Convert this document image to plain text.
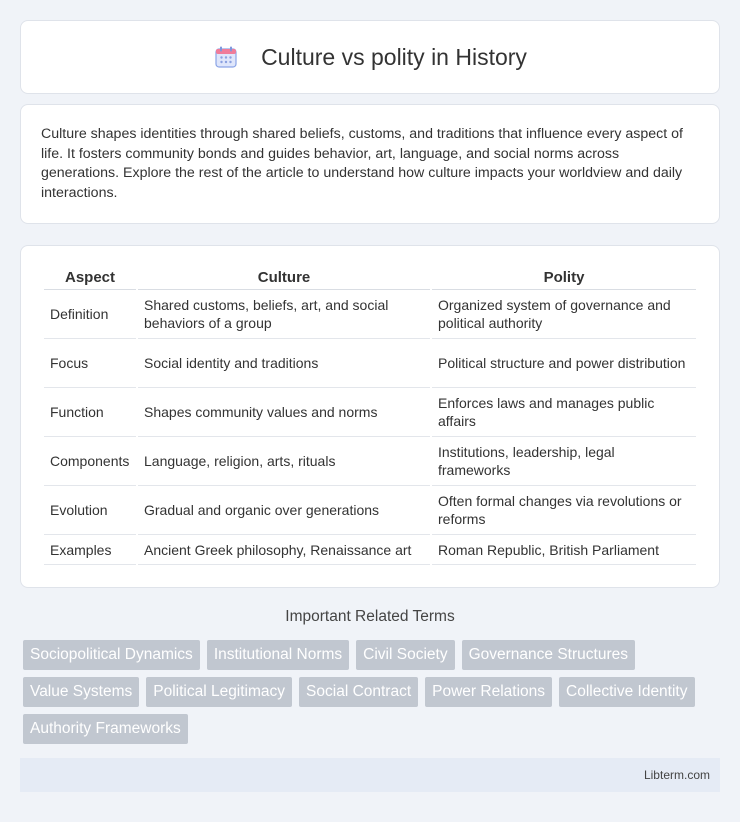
Culture vs polity in History

Culture shapes identities through shared beliefs, customs, and traditions that influence every aspect of life. It fosters community bonds and guides behavior, art, language, and social norms across generations. Explore the rest of the article to understand how culture impacts your worldview and daily interactions.

Aspect	Culture	Polity
Definition	Shared customs, beliefs, art, and social behaviors of a group	Organized system of governance and political authority
Focus	Social identity and traditions	Political structure and power distribution
Function	Shapes community values and norms	Enforces laws and manages public affairs
Components	Language, religion, arts, rituals	Institutions, leadership, legal frameworks
Evolution	Gradual and organic over generations	Often formal changes via revolutions or reforms
Examples	Ancient Greek philosophy, Renaissance art	Roman Republic, British Parliament
Important Related Terms
Sociopolitical Dynamics	Institutional Norms	Civil Society	Governance Structures
Value Systems	Political Legitimacy	Social Contract	Power Relations	Collective Identity
Authority Frameworks
Libterm.com
